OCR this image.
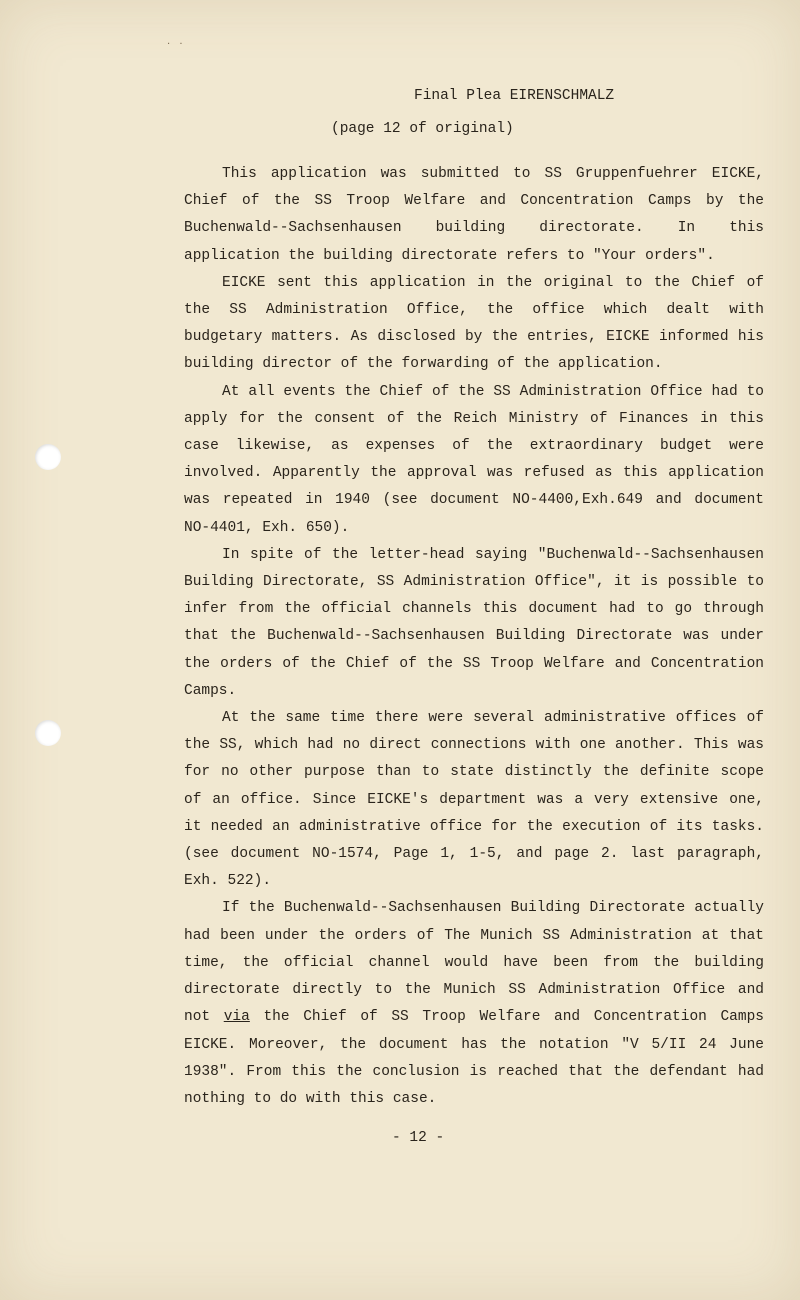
. .
Final Plea EIRENSCHMALZ
(page 12 of original)

This application was submitted to SS Gruppenfuehrer EICKE, Chief of the SS Troop Welfare and Concentration Camps by the Buchenwald--Sachsenhausen building directorate. In this application the building directorate refers to "Your orders".

EICKE sent this application in the original to the Chief of the SS Administration Office, the office which dealt with budgetary matters. As disclosed by the entries, EICKE informed his building director of the forwarding of the application.

At all events the Chief of the SS Administration Office had to apply for the consent of the Reich Ministry of Finances in this case likewise, as expenses of the extraordinary budget were involved. Apparently the approval was refused as this application was repeated in 1940 (see document NO-4400,Exh.649 and document NO-4401, Exh. 650).

In spite of the letter-head saying "Buchenwald--Sachsenhausen Building Directorate, SS Administration Office", it is possible to infer from the official channels this document had to go through that the Buchenwald--Sachsenhausen Building Directorate was under the orders of the Chief of the SS Troop Welfare and Concentration Camps.

At the same time there were several administrative offices of the SS, which had no direct connections with one another. This was for no other purpose than to state distinctly the definite scope of an office. Since EICKE's department was a very extensive one, it needed an administrative office for the execution of its tasks. (see document NO-1574, Page 1, 1-5, and page 2. last paragraph, Exh. 522).

If the Buchenwald--Sachsenhausen Building Directorate actually had been under the orders of The Munich SS Administration at that time, the official channel would have been from the building directorate directly to the Munich SS Administration Office and not via the Chief of SS Troop Welfare and Concentration Camps EICKE. Moreover, the document has the notation "V 5/II 24 June 1938". From this the conclusion is reached that the defendant had nothing to do with this case.

- 12 -
